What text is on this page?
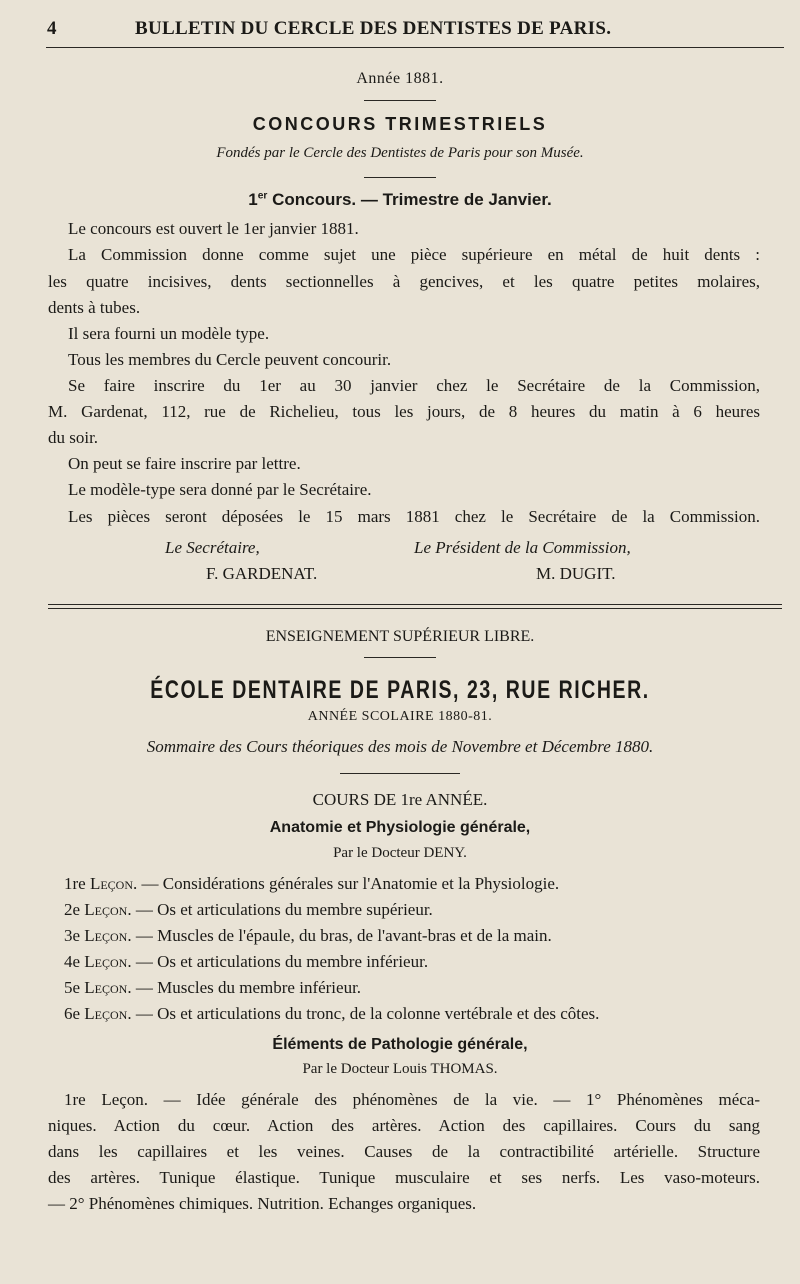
4	BULLETIN DU CERCLE DES DENTISTES DE PARIS.
Année 1881.
CONCOURS TRIMESTRIELS
Fondés par le Cercle des Dentistes de Paris pour son Musée.
1er Concours. — Trimestre de Janvier.
Le concours est ouvert le 1er janvier 1881.
La Commission donne comme sujet une pièce supérieure en métal de huit dents :
les quatre incisives, dents sectionnelles à gencives, et les quatre petites molaires,
dents à tubes.
Il sera fourni un modèle type.
Tous les membres du Cercle peuvent concourir.
Se faire inscrire du 1er au 30 janvier chez le Secrétaire de la Commission,
M. Gardenat, 112, rue de Richelieu, tous les jours, de 8 heures du matin à 6 heures
du soir.
On peut se faire inscrire par lettre.
Le modèle-type sera donné par le Secrétaire.
Les pièces seront déposées le 15 mars 1881 chez le Secrétaire de la Commission.
Le Secrétaire,
F. GARDENAT.
Le Président de la Commission,
M. DUGIT.
ENSEIGNEMENT SUPÉRIEUR LIBRE.
ÉCOLE DENTAIRE DE PARIS, 23, RUE RICHER.
ANNÉE SCOLAIRE 1880-81.
Sommaire des Cours théoriques des mois de Novembre et Décembre 1880.
COURS DE 1re ANNÉE.
Anatomie et Physiologie générale,
Par le Docteur DENY.
1re Leçon. — Considérations générales sur l'Anatomie et la Physiologie.
2e Leçon. — Os et articulations du membre supérieur.
3e Leçon. — Muscles de l'épaule, du bras, de l'avant-bras et de la main.
4e Leçon. — Os et articulations du membre inférieur.
5e Leçon. — Muscles du membre inférieur.
6e Leçon. — Os et articulations du tronc, de la colonne vertébrale et des côtes.
Éléments de Pathologie générale,
Par le Docteur Louis THOMAS.
1re Leçon. — Idée générale des phénomènes de la vie. — 1° Phénomènes méca-
niques. Action du cœur. Action des artères. Action des capillaires. Cours du sang
dans les capillaires et les veines. Causes de la contractibilité artérielle. Structure
des artères. Tunique élastique. Tunique musculaire et ses nerfs. Les vaso-moteurs.
— 2° Phénomènes chimiques. Nutrition. Echanges organiques.
